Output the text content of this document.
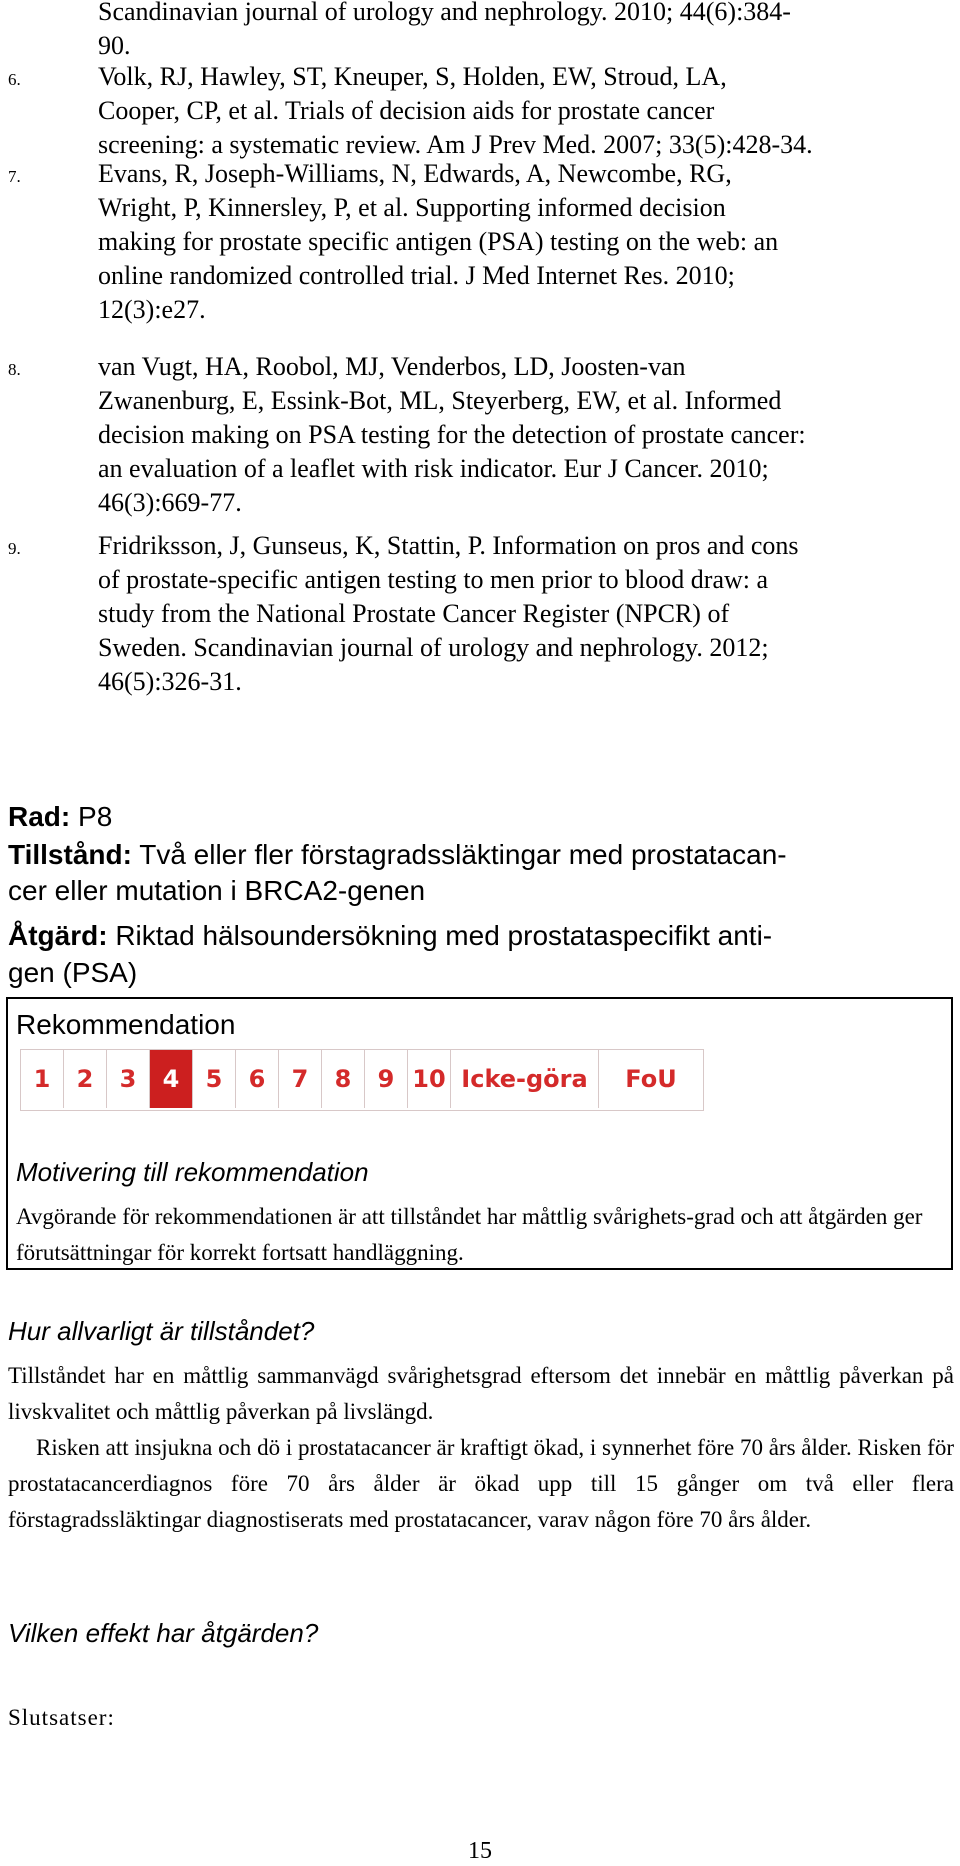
Scandinavian journal of urology and nephrology. 2010; 44(6):384-
90.
6.	Volk, RJ, Hawley, ST, Kneuper, S, Holden, EW, Stroud, LA,
Cooper, CP, et al. Trials of decision aids for prostate cancer
screening: a systematic review. Am J Prev Med. 2007; 33(5):428-34.
7.	Evans, R, Joseph-Williams, N, Edwards, A, Newcombe, RG,
Wright, P, Kinnersley, P, et al. Supporting informed decision
making for prostate specific antigen (PSA) testing on the web: an
online randomized controlled trial. J Med Internet Res. 2010;
12(3):e27.
8.	van Vugt, HA, Roobol, MJ, Venderbos, LD, Joosten-van
Zwanenburg, E, Essink-Bot, ML, Steyerberg, EW, et al. Informed
decision making on PSA testing for the detection of prostate cancer:
an evaluation of a leaflet with risk indicator. Eur J Cancer. 2010;
46(3):669-77.
9.	Fridriksson, J, Gunseus, K, Stattin, P. Information on pros and cons
of prostate-specific antigen testing to men prior to blood draw: a
study from the National Prostate Cancer Register (NPCR) of
Sweden. Scandinavian journal of urology and nephrology. 2012;
46(5):326-31.
Rad: P8
Tillstånd: Två eller fler förstagradssläktingar med prostatacan-
cer eller mutation i BRCA2-genen
Åtgärd: Riktad hälsoundersökning med prostataspecifikt anti-
gen (PSA)
Rekommendation
1	2	3	4	5	6	7	8	9 10 Icke-göra	FoU
Motivering till rekommendation
Avgörande för rekommendationen är att tillståndet har måttlig svårighets-grad och att åtgärden ger förutsättningar för korrekt fortsatt handläggning.
Hur allvarligt är tillståndet?
Tillståndet har en måttlig sammanvägd svårighetsgrad eftersom det innebär en måttlig påverkan på livskvalitet och måttlig påverkan på livslängd.
Risken att insjukna och dö i prostatacancer är kraftigt ökad, i synnerhet före 70 års ålder. Risken för prostatacancerdiagnos före 70 års ålder är ökad upp till 15 gånger om två eller flera förstagradssläktingar diagnostiserats med prostatacancer, varav någon före 70 års ålder.
Vilken effekt har åtgärden?
Slutsatser:
15
